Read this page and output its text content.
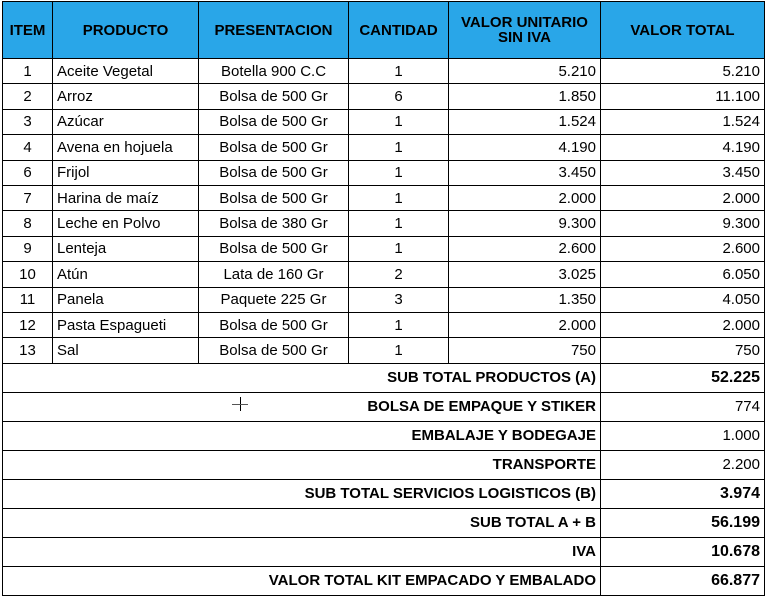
ITEM	PRODUCTO	PRESENTACION	CANTIDAD	VALOR UNITARIO SIN IVA	VALOR TOTAL
1	Aceite Vegetal	Botella 900 C.C	1	5.210	5.210
2	Arroz	Bolsa de 500 Gr	6	1.850	11.100
3	Azúcar	Bolsa de 500 Gr	1	1.524	1.524
4	Avena en hojuela	Bolsa de 500 Gr	1	4.190	4.190
6	Frijol	Bolsa de 500 Gr	1	3.450	3.450
7	Harina de maíz	Bolsa de 500 Gr	1	2.000	2.000
8	Leche en Polvo	Bolsa de 380 Gr	1	9.300	9.300
9	Lenteja	Bolsa de 500 Gr	1	2.600	2.600
10	Atún	Lata de 160 Gr	2	3.025	6.050
11	Panela	Paquete 225 Gr	3	1.350	4.050
12	Pasta Espagueti	Bolsa de 500 Gr	1	2.000	2.000
13	Sal	Bolsa de 500 Gr	1	750	750
SUB TOTAL PRODUCTOS (A)					52.225
BOLSA DE EMPAQUE Y STIKER					774
EMBALAJE Y BODEGAJE					1.000
TRANSPORTE					2.200
SUB TOTAL SERVICIOS LOGISTICOS (B)					3.974
SUB TOTAL A + B					56.199
IVA					10.678
VALOR TOTAL KIT EMPACADO Y EMBALADO					66.877
